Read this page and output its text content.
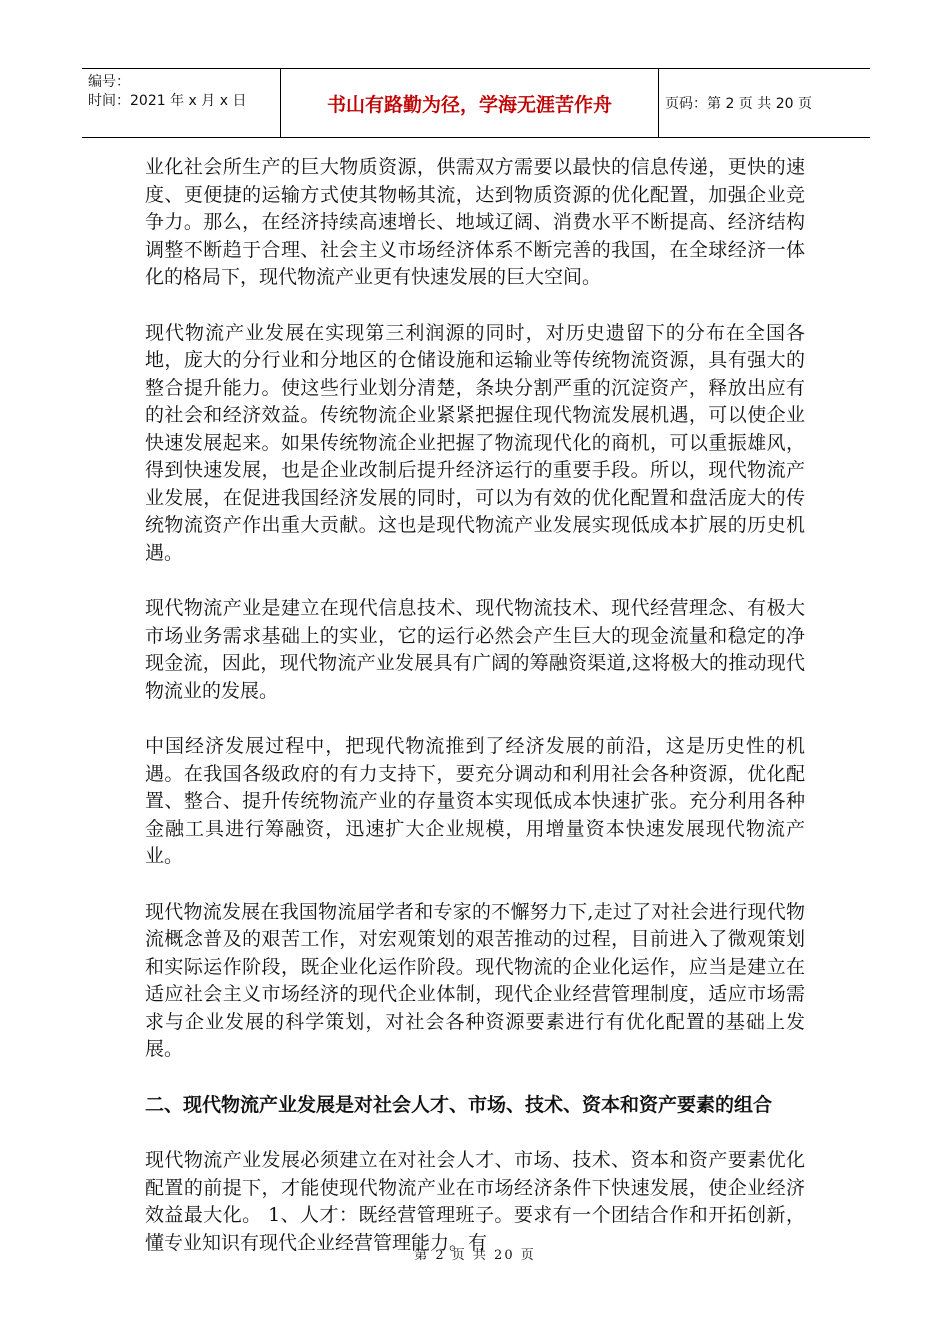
编号：
时间：2021 年 x 月 x 日	书山有路勤为径，学海无涯苦作舟	页码：第 2 页 共 20 页

业化社会所生产的巨大物质资源，供需双方需要以最快的信息传递，更快的速度、更便捷的运输方式使其物畅其流，达到物质资源的优化配置，加强企业竞争力。那么，在经济持续高速增长、地域辽阔、消费水平不断提高、经济结构调整不断趋于合理、社会主义市场经济体系不断完善的我国，在全球经济一体化的格局下，现代物流产业更有快速发展的巨大空间。

现代物流产业发展在实现第三利润源的同时，对历史遗留下的分布在全国各地，庞大的分行业和分地区的仓储设施和运输业等传统物流资源，具有强大的整合提升能力。使这些行业划分清楚，条块分割严重的沉淀资产，释放出应有的社会和经济效益。传统物流企业紧紧把握住现代物流发展机遇，可以使企业快速发展起来。如果传统物流企业把握了物流现代化的商机，可以重振雄风，得到快速发展，也是企业改制后提升经济运行的重要手段。所以，现代物流产业发展，在促进我国经济发展的同时，可以为有效的优化配置和盘活庞大的传统物流资产作出重大贡献。这也是现代物流产业发展实现低成本扩展的历史机遇。

现代物流产业是建立在现代信息技术、现代物流技术、现代经营理念、有极大市场业务需求基础上的实业，它的运行必然会产生巨大的现金流量和稳定的净现金流，因此，现代物流产业发展具有广阔的筹融资渠道,这将极大的推动现代物流业的发展。

中国经济发展过程中，把现代物流推到了经济发展的前沿，这是历史性的机遇。在我国各级政府的有力支持下，要充分调动和利用社会各种资源，优化配置、整合、提升传统物流产业的存量资本实现低成本快速扩张。充分利用各种金融工具进行筹融资，迅速扩大企业规模，用增量资本快速发展现代物流产业。

现代物流发展在我国物流届学者和专家的不懈努力下,走过了对社会进行现代物流概念普及的艰苦工作，对宏观策划的艰苦推动的过程，目前进入了微观策划和实际运作阶段，既企业化运作阶段。现代物流的企业化运作，应当是建立在适应社会主义市场经济的现代企业体制，现代企业经营管理制度，适应市场需求与企业发展的科学策划，对社会各种资源要素进行有优化配置的基础上发展。

二、现代物流产业发展是对社会人才、市场、技术、资本和资产要素的组合

现代物流产业发展必须建立在对社会人才、市场、技术、资本和资产要素优化配置的前提下，才能使现代物流产业在市场经济条件下快速发展，使企业经济效益最大化。 1、人才：既经营管理班子。要求有一个团结合作和开拓创新，懂专业知识有现代企业经营管理能力。有

第 2 页 共 20 页
